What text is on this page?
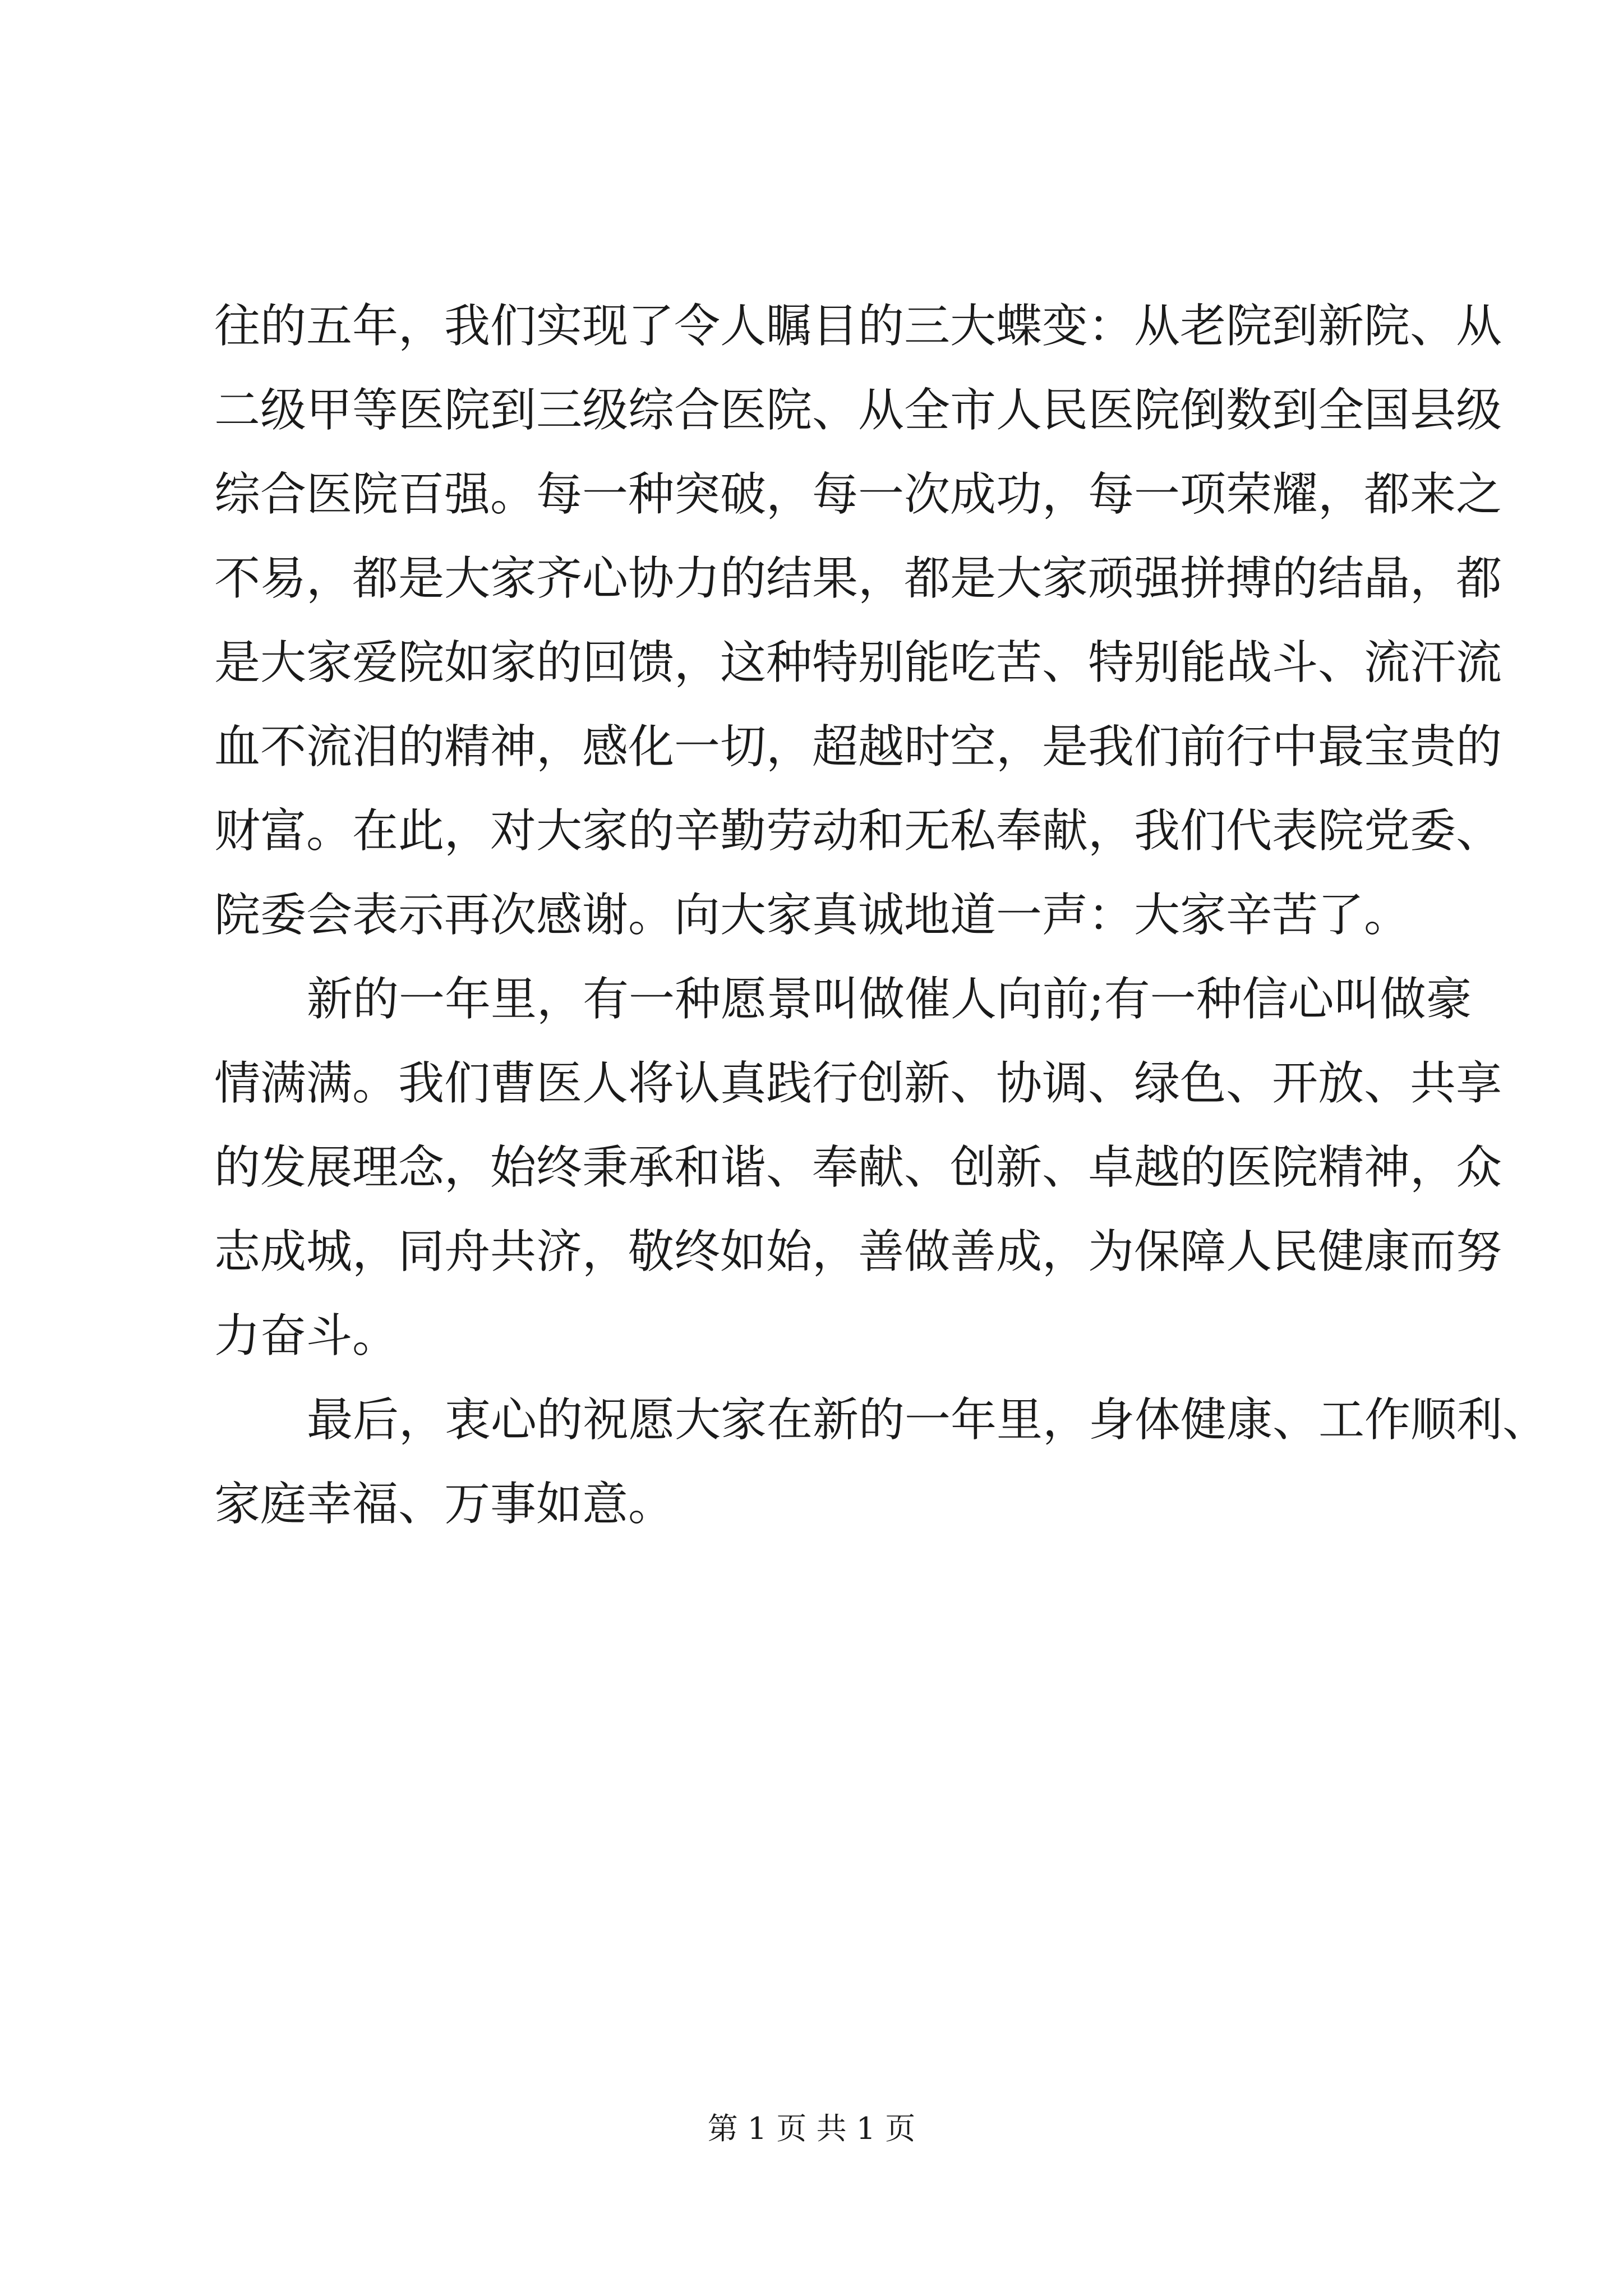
往的五年，我们实现了令人瞩目的三大蝶变：从老院到新院、从
二级甲等医院到三级综合医院、从全市人民医院倒数到全国县级
综合医院百强。每一种突破，每一次成功，每一项荣耀，都来之
不易，都是大家齐心协力的结果，都是大家顽强拼搏的结晶，都
是大家爱院如家的回馈，这种特别能吃苦、特别能战斗、流汗流
血不流泪的精神，感化一切，超越时空，是我们前行中最宝贵的
财富。在此，对大家的辛勤劳动和无私奉献，我们代表院党委、
院委会表示再次感谢。向大家真诚地道一声：大家辛苦了。
新的一年里，有一种愿景叫做催人向前;有一种信心叫做豪
情满满。我们曹医人将认真践行创新、协调、绿色、开放、共享
的发展理念，始终秉承和谐、奉献、创新、卓越的医院精神，众
志成城，同舟共济，敬终如始，善做善成，为保障人民健康而努
力奋斗。
最后，衷心的祝愿大家在新的一年里，身体健康、工作顺利、
家庭幸福、万事如意。
第 1 页 共 1 页
